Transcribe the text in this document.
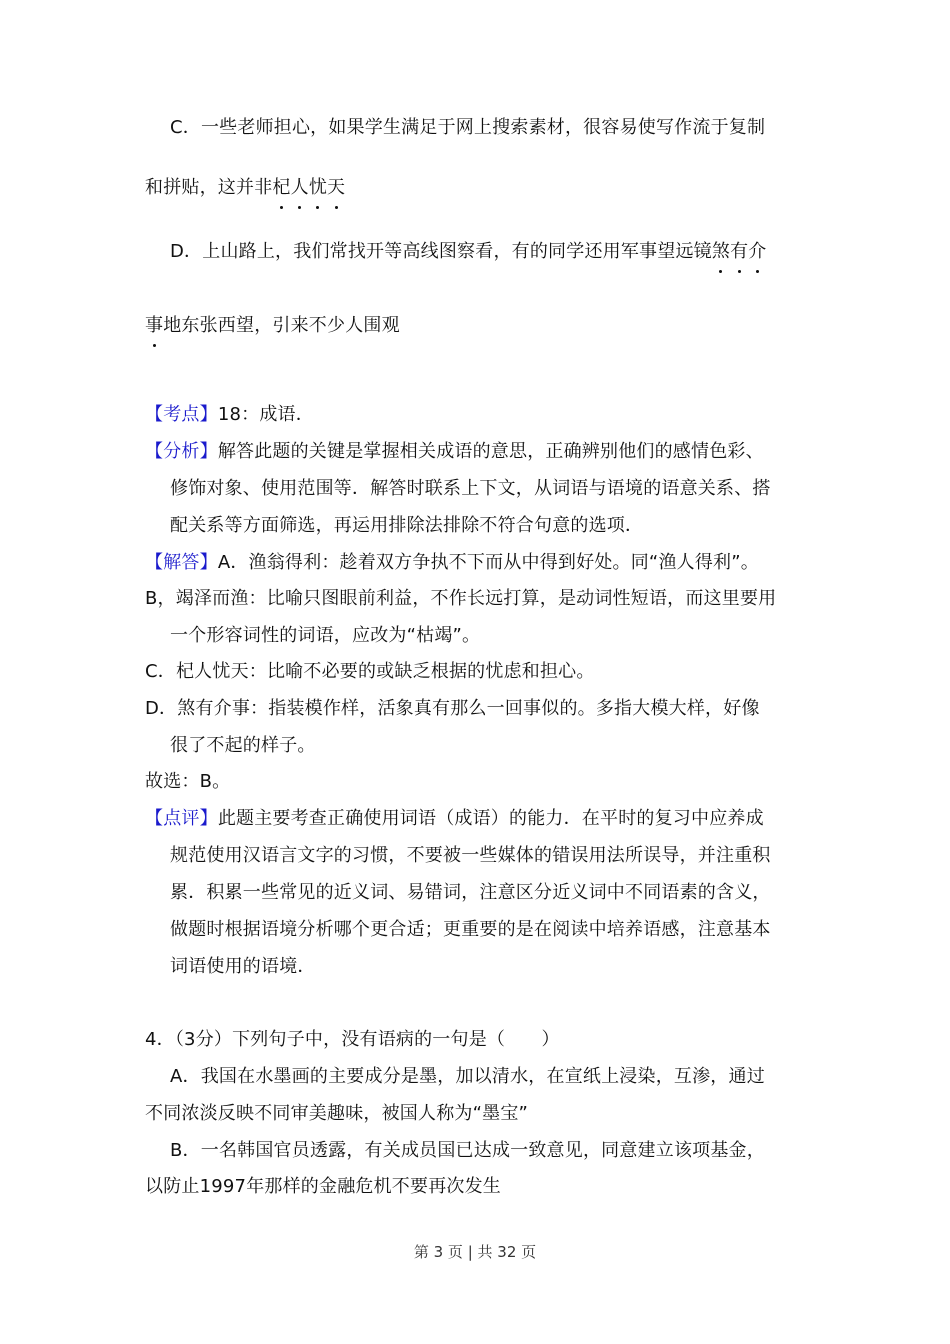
C．一些老师担心，如果学生满足于网上搜索素材，很容易使写作流于复制
和拼贴，这并非杞人忧天
D．上山路上，我们常找开等高线图察看，有的同学还用军事望远镜煞有介
事地东张西望，引来不少人围观
【考点】18：成语．
【分析】解答此题的关键是掌握相关成语的意思，正确辨别他们的感情色彩、
修饰对象、使用范围等．解答时联系上下文，从词语与语境的语意关系、搭
配关系等方面筛选，再运用排除法排除不符合句意的选项．
【解答】A．渔翁得利：趁着双方争执不下而从中得到好处。同“渔人得利”。
B，竭泽而渔：比喻只图眼前利益，不作长远打算，是动词性短语，而这里要用
一个形容词性的词语，应改为“枯竭”。
C．杞人忧天：比喻不必要的或缺乏根据的忧虑和担心。
D．煞有介事：指装模作样，活象真有那么一回事似的。多指大模大样，好像
很了不起的样子。
故选：B。
【点评】此题主要考查正确使用词语（成语）的能力．在平时的复习中应养成
规范使用汉语言文字的习惯，不要被一些媒体的错误用法所误导，并注重积
累．积累一些常见的近义词、易错词，注意区分近义词中不同语素的含义，
做题时根据语境分析哪个更合适；更重要的是在阅读中培养语感，注意基本
词语使用的语境．
4．（3分）下列句子中，没有语病的一句是（　　）
A．我国在水墨画的主要成分是墨，加以清水，在宣纸上浸染，互渗，通过
不同浓淡反映不同审美趣味，被国人称为“墨宝”
B．一名韩国官员透露，有关成员国已达成一致意见，同意建立该项基金，
以防止1997年那样的金融危机不要再次发生
第 3 页 | 共 32 页
